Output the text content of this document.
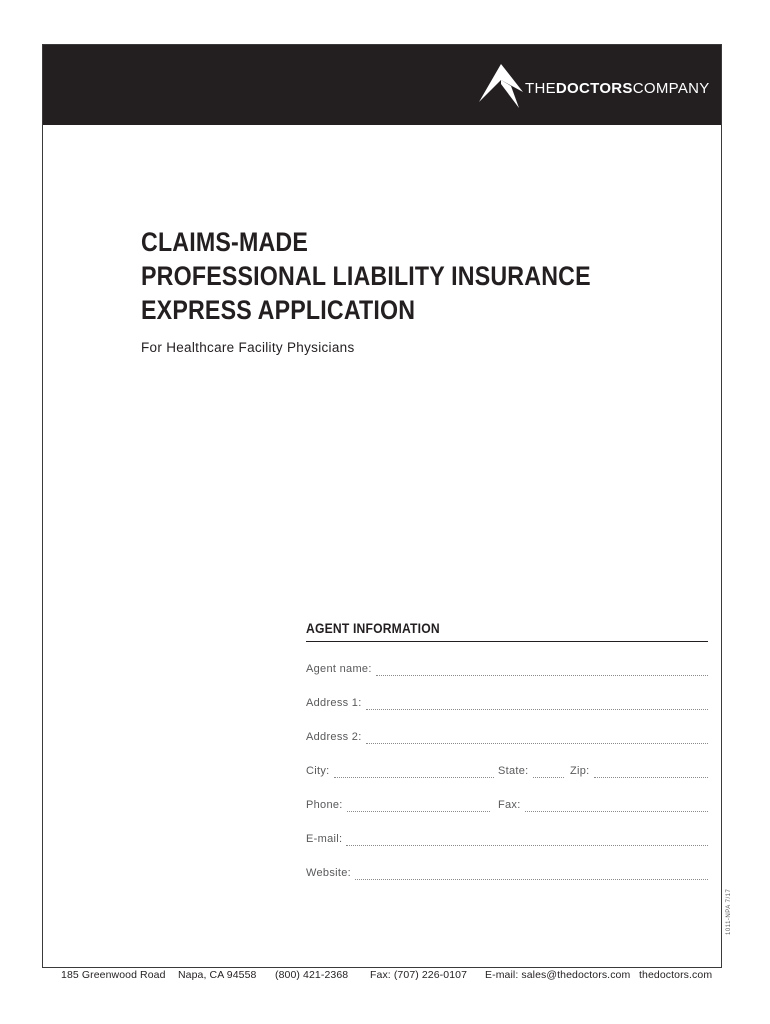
THEDOCTORSCOMPANY
CLAIMS-MADE
PROFESSIONAL LIABILITY INSURANCE
EXPRESS APPLICATION
For Healthcare Facility Physicians
AGENT INFORMATION
Agent name:
Address 1:
Address 2:
City:	State:	Zip:
Phone:	Fax:
E-mail:
Website:
1011-NPA 7/17
185 Greenwood Road Napa, CA 94558 (800) 421-2368 Fax: (707) 226-0107 E-mail: sales@thedoctors.com thedoctors.com
